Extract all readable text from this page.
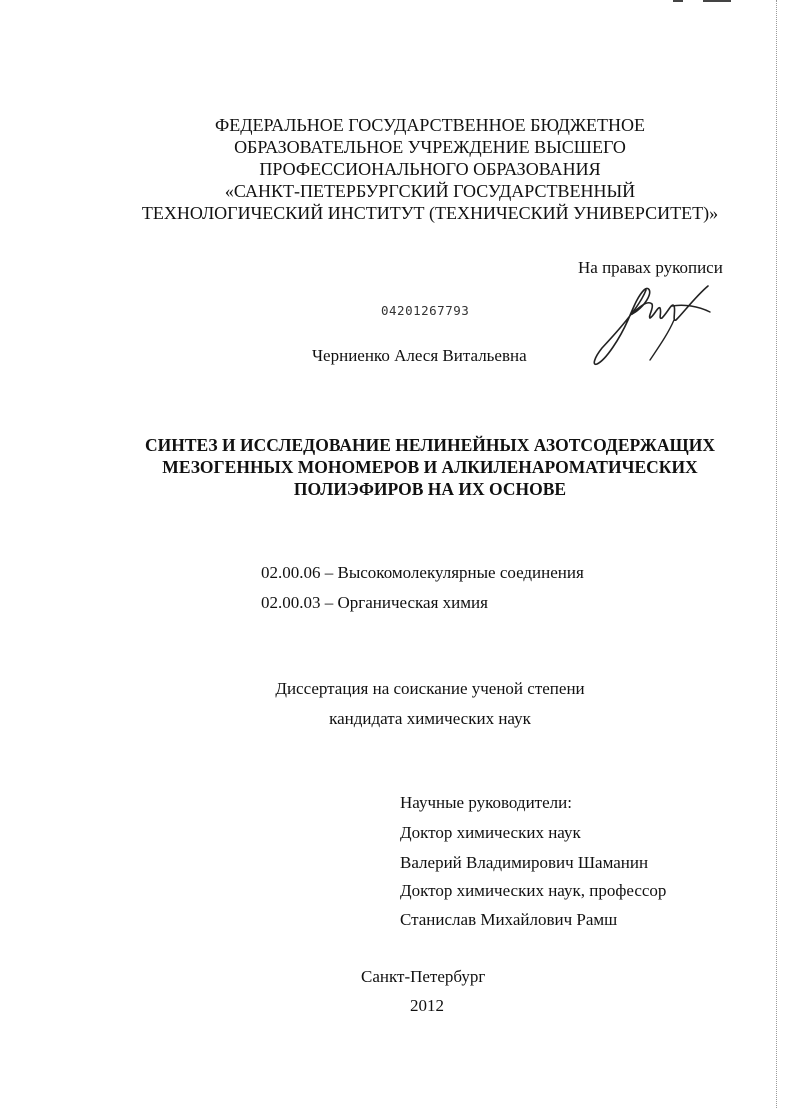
ФЕДЕРАЛЬНОЕ ГОСУДАРСТВЕННОЕ БЮДЖЕТНОЕ
ОБРАЗОВАТЕЛЬНОЕ УЧРЕЖДЕНИЕ ВЫСШЕГО
ПРОФЕССИОНАЛЬНОГО ОБРАЗОВАНИЯ
«САНКТ-ПЕТЕРБУРГСКИЙ ГОСУДАРСТВЕННЫЙ
ТЕХНОЛОГИЧЕСКИЙ ИНСТИТУТ (ТЕХНИЧЕСКИЙ УНИВЕРСИТЕТ)»
На правах рукописи
04201267793
Черниенко Алеся Витальевна
СИНТЕЗ И ИССЛЕДОВАНИЕ НЕЛИНЕЙНЫХ АЗОТСОДЕРЖАЩИХ
МЕЗОГЕННЫХ МОНОМЕРОВ И АЛКИЛЕНАРОМАТИЧЕСКИХ
ПОЛИЭФИРОВ НА ИХ ОСНОВЕ
02.00.06 – Высокомолекулярные соединения
02.00.03 – Органическая химия
Диссертация на соискание ученой степени
кандидата химических наук
Научные руководители:
Доктор химических наук
Валерий Владимирович Шаманин
Доктор химических наук, профессор
Станислав Михайлович Рамш
Санкт-Петербург
2012
